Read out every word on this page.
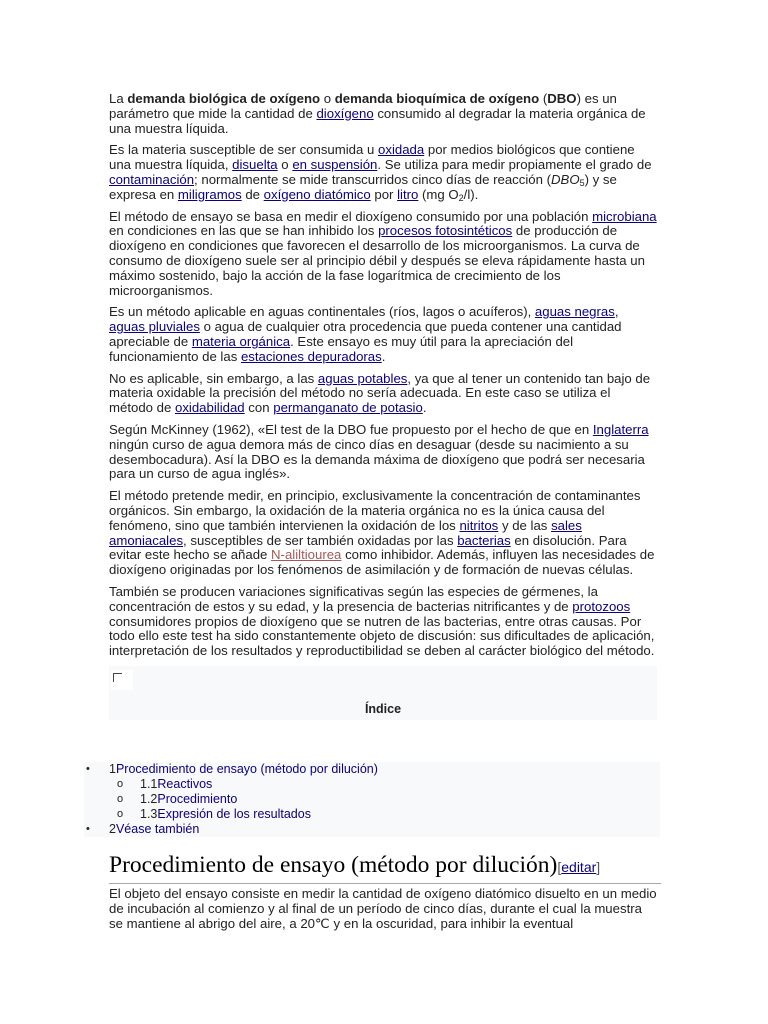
La demanda biológica de oxígeno o demanda bioquímica de oxígeno (DBO) es un parámetro que mide la cantidad de dioxígeno consumido al degradar la materia orgánica de una muestra líquida.

Es la materia susceptible de ser consumida u oxidada por medios biológicos que contiene una muestra líquida, disuelta o en suspensión. Se utiliza para medir propiamente el grado de contaminación; normalmente se mide transcurridos cinco días de reacción $(DBO_5)$ y se expresa en miligramos de oxígeno diatómico por litro (mg $O_2/l$).

El método de ensayo se basa en medir el dioxígeno consumido por una población microbiana en condiciones en las que se han inhibido los procesos fotosintéticos de producción de dioxígeno en condiciones que favorecen el desarrollo de los microorganismos. La curva de consumo de dioxígeno suele ser al principio débil y después se eleva rápidamente hasta un máximo sostenido, bajo la acción de la fase logarítmica de crecimiento de los microorganismos.

Es un método aplicable en aguas continentales (ríos, lagos o acuíferos), aguas negras, aguas pluviales o agua de cualquier otra procedencia que pueda contener una cantidad apreciable de materia orgánica. Este ensayo es muy útil para la apreciación del funcionamiento de las estaciones depuradoras.

No es aplicable, sin embargo, a las aguas potables, ya que al tener un contenido tan bajo de materia oxidable la precisión del método no sería adecuada. En este caso se utiliza el método de oxidabilidad con permanganato de potasio.

Según McKinney (1962), «El test de la DBO fue propuesto por el hecho de que en Inglaterra ningún curso de agua demora más de cinco días en desaguar (desde su nacimiento a su desembocadura). Así la DBO es la demanda máxima de dioxígeno que podrá ser necesaria para un curso de agua inglés».

El método pretende medir, en principio, exclusivamente la concentración de contaminantes orgánicos. Sin embargo, la oxidación de la materia orgánica no es la única causa del fenómeno, sino que también intervienen la oxidación de los nitritos y de las sales amoniacales, susceptibles de ser también oxidadas por las bacterias en disolución. Para evitar este hecho se añade N-aliltiourea como inhibidor. Además, influyen las necesidades de dioxígeno originadas por los fenómenos de asimilación y de formación de nuevas células.

También se producen variaciones significativas según las especies de gérmenes, la concentración de estos y su edad, y la presencia de bacterias nitrificantes y de protozoos consumidores propios de dioxígeno que se nutren de las bacterias, entre otras causas. Por todo ello este test ha sido constantemente objeto de discusión: sus dificultades de aplicación, interpretación de los resultados y reproductibilidad se deben al carácter biológico del método.

Índice
• 1Procedimiento de ensayo (método por dilución)
o 1.1Reactivos
o 1.2Procedimiento
o 1.3Expresión de los resultados
• 2Véase también
Procedimiento de ensayo (método por dilución)[editar]

El objeto del ensayo consiste en medir la cantidad de oxígeno diatómico disuelto en un medio de incubación al comienzo y al final de un período de cinco días, durante el cual la muestra se mantiene al abrigo del aire, a 20℃ y en la oscuridad, para inhibir la eventual
